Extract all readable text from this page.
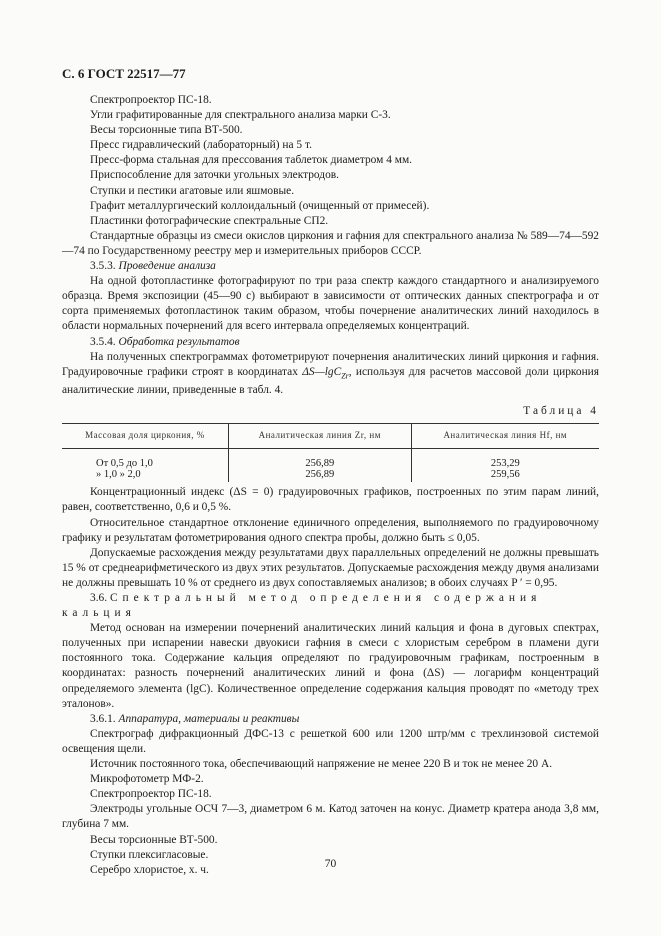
С. 6 ГОСТ 22517—77

Спектропроектор ПС-18.

Угли графитированные для спектрального анализа марки С-3.

Весы торсионные типа ВТ-500.

Пресс гидравлический (лабораторный) на 5 т.

Пресс-форма стальная для прессования таблеток диаметром 4 мм.

Приспособление для заточки угольных электродов.

Ступки и пестики агатовые или яшмовые.

Графит металлургический коллоидальный (очищенный от примесей).

Пластинки фотографические спектральные СП2.

Стандартные образцы из смеси окислов циркония и гафния для спектрального анализа № 589—74—592—74 по Государственному реестру мер и измерительных приборов СССР.

3.5.3. Проведение анализа

На одной фотопластинке фотографируют по три раза спектр каждого стандартного и анализируемого образца. Время экспозиции (45—90 с) выбирают в зависимости от оптических данных спектрографа и от сорта применяемых фотопластинок таким образом, чтобы почернение аналитических линий находилось в области нормальных почернений для всего интервала определяемых концентраций.

3.5.4. Обработка результатов

На полученных спектрограммах фотометрируют почернения аналитических линий циркония и гафния. Градуировочные графики строят в координатах ΔS—lgC$_{Zr}$, используя для расчетов массовой доли циркония аналитические линии, приведенные в табл. 4.

Таблица 4

Массовая доля циркония, %	Аналитическая линия Zr, нм	Аналитическая линия Hf, нм
От 0,5 до 1,0	256,89	253,29
» 1,0 » 2,0	256,89	259,56

Концентрационный индекс (ΔS = 0) градуировочных графиков, построенных по этим парам линий, равен, соответственно, 0,6 и 0,5 %.

Относительное стандартное отклонение единичного определения, выполняемого по градуировочному графику и результатам фотометрирования одного спектра пробы, должно быть ≤ 0,05.

Допускаемые расхождения между результатами двух параллельных определений не должны превышать 15 % от среднеарифметического из двух этих результатов. Допускаемые расхождения между двумя анализами не должны превышать 10 % от среднего из двух сопоставляемых анализов; в обоих случаях P ′ = 0,95.

3.6. Спектральный метод определения содержания кальция

Метод основан на измерении почернений аналитических линий кальция и фона в дуговых спектрах, полученных при испарении навески двуокиси гафния в смеси с хлористым серебром в пламени дуги постоянного тока. Содержание кальция определяют по градуировочным графикам, построенным в координатах: разность почернений аналитических линий и фона (ΔS) — логарифм концентраций определяемого элемента (lgC). Количественное определение содержания кальция проводят по «методу трех эталонов».

3.6.1. Аппаратура, материалы и реактивы

Спектрограф дифракционный ДФС-13 с решеткой 600 или 1200 штр/мм с трехлинзовой системой освещения щели.

Источник постоянного тока, обеспечивающий напряжение не менее 220 В и ток не менее 20 А.

Микрофотометр МФ-2.

Спектропроектор ПС-18.

Электроды угольные ОСЧ 7—3, диаметром 6 м. Катод заточен на конус. Диаметр кратера анода 3,8 мм, глубина 7 мм.

Весы торсионные ВТ-500.

Ступки плексигласовые.

Серебро хлористое, х. ч.	70
